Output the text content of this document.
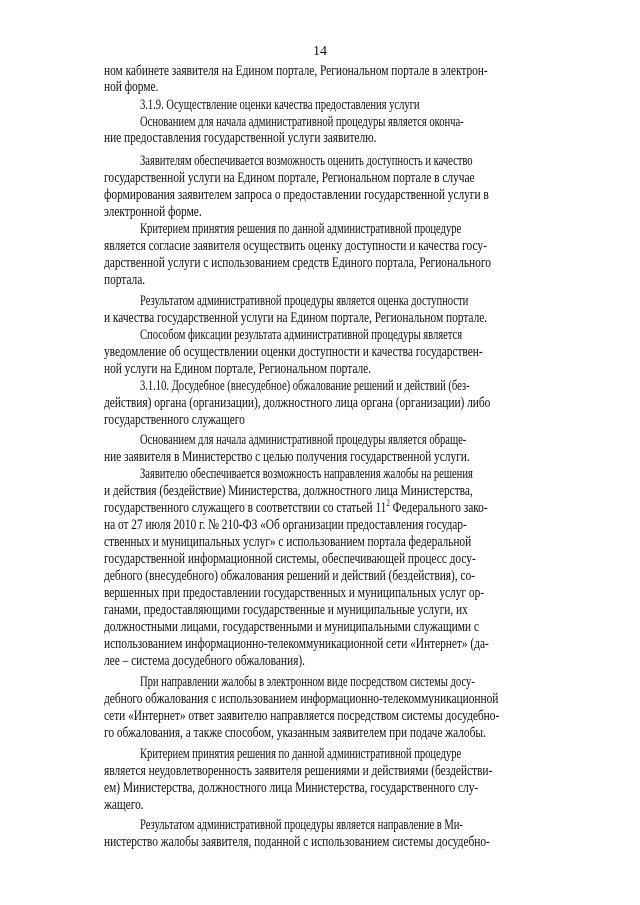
14
ном кабинете заявителя на Едином портале, Региональном портале в электрон-
ной форме.
3.1.9. Осуществление оценки качества предоставления услуги
Основанием для начала административной процедуры является оконча-
ние предоставления государственной услуги заявителю.
Заявителям обеспечивается возможность оценить доступность и качество
государственной услуги на Едином портале, Региональном портале в случае
формирования заявителем запроса о предоставлении государственной услуги в
электронной форме.
Критерием принятия решения по данной административной процедуре
является согласие заявителя осуществить оценку доступности и качества госу-
дарственной услуги с использованием средств Единого портала, Регионального
портала.
Результатом административной процедуры является оценка доступности
и качества государственной услуги на Едином портале, Региональном портале.
Способом фиксации результата административной процедуры является
уведомление об осуществлении оценки доступности и качества государствен-
ной услуги на Едином портале, Региональном портале.
3.1.10. Досудебное (внесудебное) обжалование решений и действий (без-
действия) органа (организации), должностного лица органа (организации) либо
государственного служащего
Основанием для начала административной процедуры является обраще-
ние заявителя в Министерство с целью получения государственной услуги.
Заявителю обеспечивается возможность направления жалобы на решения
и действия (бездействие) Министерства, должностного лица Министерства,
государственного служащего в соответствии со статьей $11^2$ Федерального зако-
на от 27 июля 2010 г. № 210-ФЗ «Об организации предоставления государ-
ственных и муниципальных услуг» с использованием портала федеральной
государственной информационной системы, обеспечивающей процесс досу-
дебного (внесудебного) обжалования решений и действий (бездействия), со-
вершенных при предоставлении государственных и муниципальных услуг ор-
ганами, предоставляющими государственные и муниципальные услуги, их
должностными лицами, государственными и муниципальными служащими с
использованием информационно-телекоммуникационной сети «Интернет» (да-
лее – система досудебного обжалования).
При направлении жалобы в электронном виде посредством системы досу-
дебного обжалования с использованием информационно-телекоммуникационной
сети «Интернет» ответ заявителю направляется посредством системы досудебно-
го обжалования, а также способом, указанным заявителем при подаче жалобы.
Критерием принятия решения по данной административной процедуре
является неудовлетворенность заявителя решениями и действиями (бездействи-
ем) Министерства, должностного лица Министерства, государственного слу-
жащего.
Результатом административной процедуры является направление в Ми-
нистерство жалобы заявителя, поданной с использованием системы досудебно-
